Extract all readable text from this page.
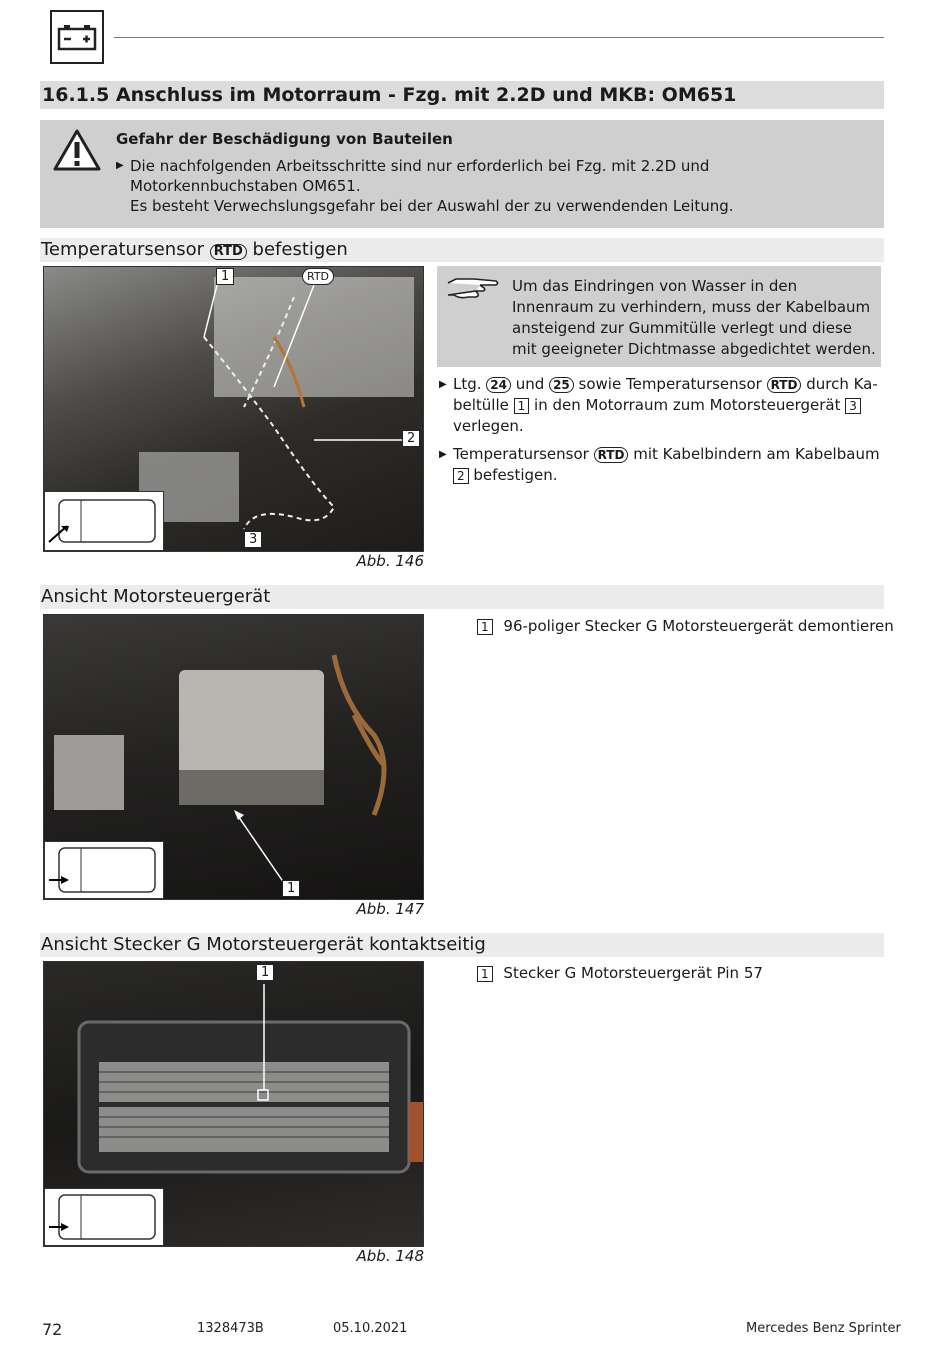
16.1.5 Anschluss im Motorraum - Fzg. mit 2.2D und MKB: OM651
Gefahr der Beschädigung von Bauteilen
▶ Die nachfolgenden Arbeitsschritte sind nur erforderlich bei Fzg. mit 2.2D und Motorkennbuchstaben OM651.
Es besteht Verwechslungsgefahr bei der Auswahl der zu verwendenden Leitung.
Temperatursensor RTD befestigen
1	RTD
2
3
Abb. 146
Um das Eindringen von Wasser in den Innenraum zu verhindern, muss der Kabelbaum ansteigend zur Gummitülle verlegt und diese mit geeigneter Dichtmasse abgedichtet werden.
▶ Ltg. 24 und 25 sowie Temperatursensor RTD durch Kabeltülle 1 in den Motorraum zum Motorsteuergerät 3 verlegen.
▶ Temperatursensor RTD mit Kabelbindern am Kabelbaum 2 befestigen.
Ansicht Motorsteuergerät
1
Abb. 147
1 96-poliger Stecker G Motorsteuergerät demontieren
Ansicht Stecker G Motorsteuergerät kontaktseitig
1
Abb. 148
1 Stecker G Motorsteuergerät Pin 57
72	1328473B	05.10.2021	Mercedes Benz Sprinter
